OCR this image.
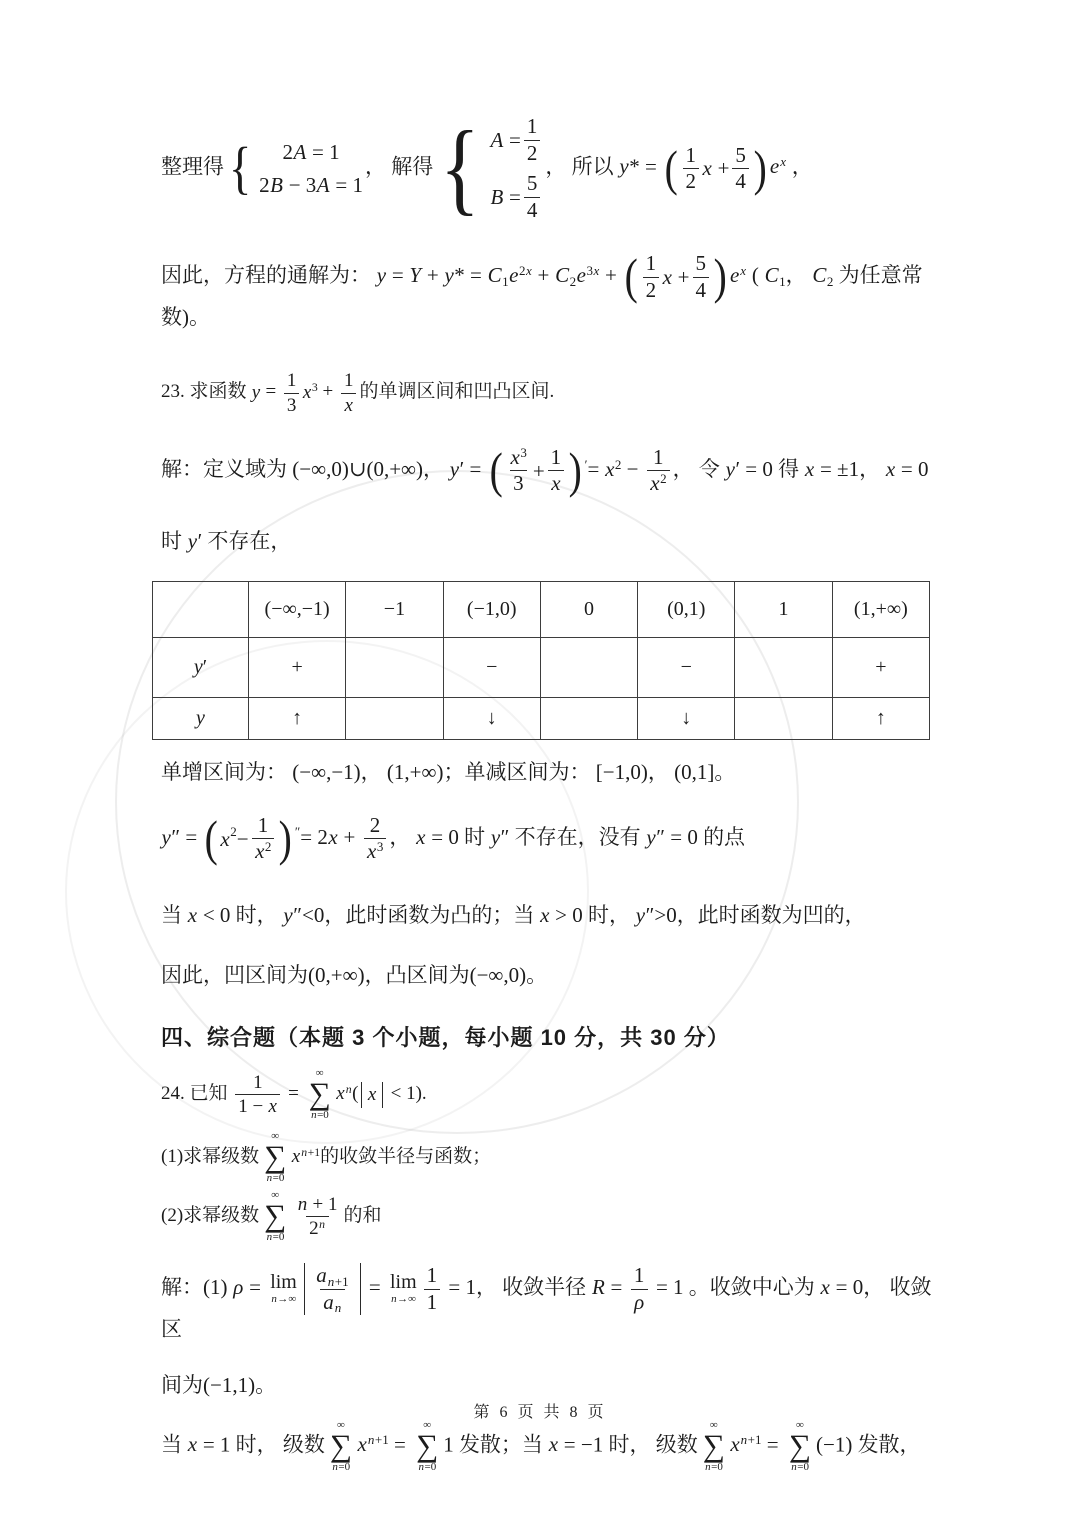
整理得 { 2A = 1
2B − 3A = 1
， 解得 { $A = \frac{1}{2}$
$B = \frac{5}{4}$
， 所以 y* = ( $\frac{1}{2}$ $x + \frac{5}{4}$ ) ex ，
因此，方程的通解为： y = Y + y* = C1e2x + C2e3x + ( $\frac{1}{2}$ $x + \frac{5}{4}$ ) ex ( C1， C2 为任意常数)。
23. 求函数 $y = \frac{1}{3} x3 + \frac{1}{x}$ 的单调区间和凹凸区间.
解：定义域为 (−∞,0)∪(0,+∞)， y′ = ( $\frac{x3}{3} + \frac{1}{x}$ ) ′= $x2 - \frac{1}{x2}$ ， 令 y′ = 0 得 x = ±1， x = 0
时 y′ 不存在，
	(−∞,−1)	−1	(−1,0)	0	(0,1)	1	(1,+∞)
y′	+		−		−		+
y	↑		↓		↓		↑
单增区间为： (−∞,−1)， (1,+∞)；单减区间为： [−1,0)， (0,1]。
y″ = ( x $2 - \frac{1}{x2}$ ) ″= $2x + \frac{2}{x3}$ ， x = 0 时 y″ 不存在，没有 y″ = 0 的点
当 x < 0 时， y″<0，此时函数为凸的；当 x > 0 时， y″>0，此时函数为凹的，
因此，凹区间为(0,+∞)，凸区间为(−∞,0)。
四、综合题（本题 3 个小题，每小题 10 分，共 30 分）
24. 已知 $\frac{1}{1 - x}$ =
∞
∑
n=0
xn( x < 1).
(1)求幂级数
∞
∑
n=0
xn+1的收敛半径与函数；
(2)求幂级数
∞
∑
$n=0 \frac{n + 1}{2n}$ 的和
解：(1) ρ = lim
$n\to\infty \frac{an+1}{an} = \lim$
$n\to\infty \frac{1}{1} = 1$， 收敛半径 $R = \frac{1}{\rho} = 1$ 。收敛中心为 x = 0， 收敛区
间为(−1,1)。
当 x = 1 时， 级数
∞
∑
n=0
xn+1 =
∞
∑
n=0
1 发散；当 x = −1 时， 级数
∞
∑
n=0
xn+1 =
∞
∑
n=0
(−1) 发散，
第 6 页 共 8 页
